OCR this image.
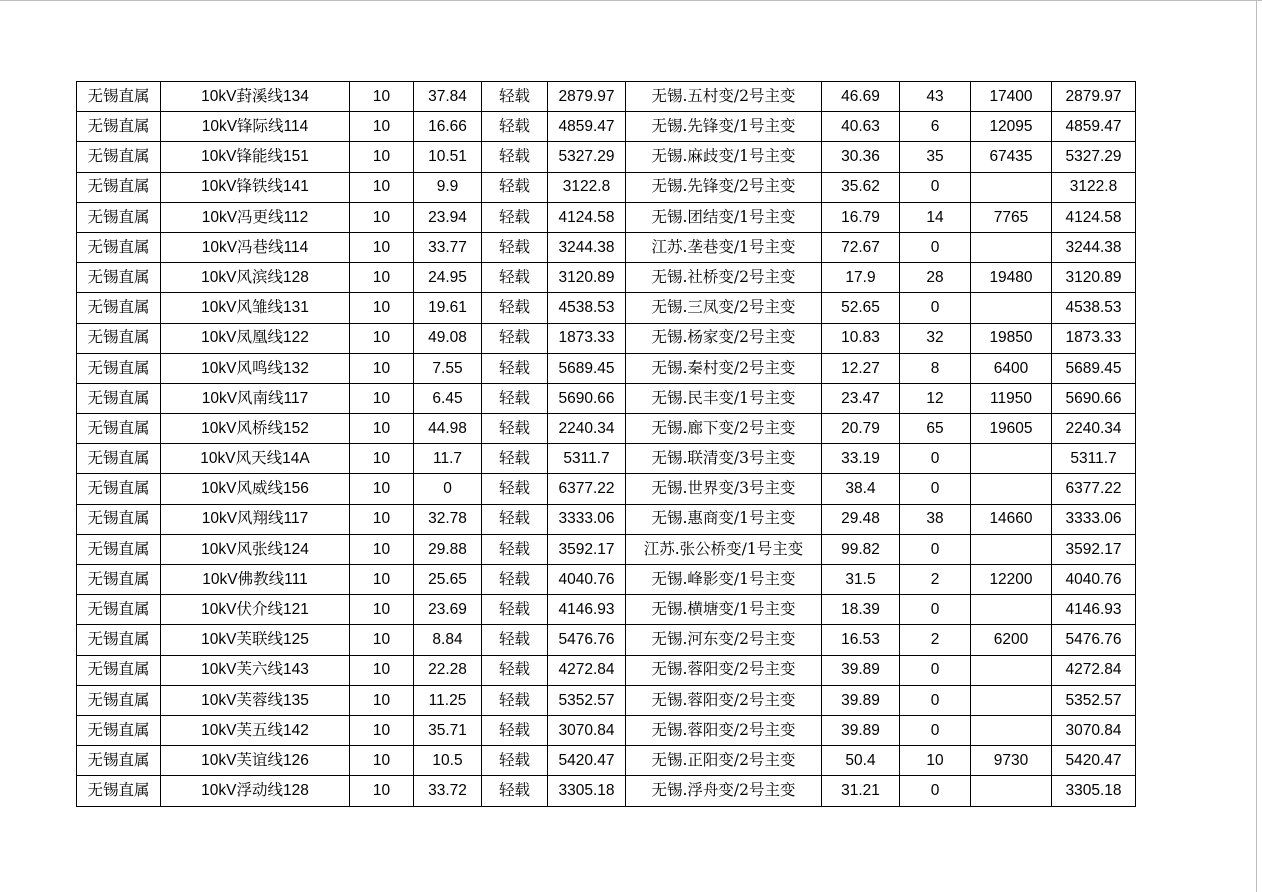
无锡直属	10kV葑溪线134	10	37.84	轻载	2879.97	无锡.五村变/2号主变	46.69	43	17400	2879.97
无锡直属	10kV锋际线114	10	16.66	轻载	4859.47	无锡.先锋变/1号主变	40.63	6	12095	4859.47
无锡直属	10kV锋能线151	10	10.51	轻载	5327.29	无锡.麻歧变/1号主变	30.36	35	67435	5327.29
无锡直属	10kV锋铁线141	10	9.9	轻载	3122.8	无锡.先锋变/2号主变	35.62	0		3122.8
无锡直属	10kV冯更线112	10	23.94	轻载	4124.58	无锡.团结变/1号主变	16.79	14	7765	4124.58
无锡直属	10kV冯巷线114	10	33.77	轻载	3244.38	江苏.垄巷变/1号主变	72.67	0		3244.38
无锡直属	10kV风滨线128	10	24.95	轻载	3120.89	无锡.社桥变/2号主变	17.9	28	19480	3120.89
无锡直属	10kV风雏线131	10	19.61	轻载	4538.53	无锡.三凤变/2号主变	52.65	0		4538.53
无锡直属	10kV凤凰线122	10	49.08	轻载	1873.33	无锡.杨家变/2号主变	10.83	32	19850	1873.33
无锡直属	10kV风鸣线132	10	7.55	轻载	5689.45	无锡.秦村变/2号主变	12.27	8	6400	5689.45
无锡直属	10kV风南线117	10	6.45	轻载	5690.66	无锡.民丰变/1号主变	23.47	12	11950	5690.66
无锡直属	10kV风桥线152	10	44.98	轻载	2240.34	无锡.廊下变/2号主变	20.79	65	19605	2240.34
无锡直属	10kV风天线14A	10	11.7	轻载	5311.7	无锡.联清变/3号主变	33.19	0		5311.7
无锡直属	10kV风威线156	10	0	轻载	6377.22	无锡.世界变/3号主变	38.4	0		6377.22
无锡直属	10kV风翔线117	10	32.78	轻载	3333.06	无锡.惠商变/1号主变	29.48	38	14660	3333.06
无锡直属	10kV风张线124	10	29.88	轻载	3592.17	江苏.张公桥变/1号主变	99.82	0		3592.17
无锡直属	10kV佛教线111	10	25.65	轻载	4040.76	无锡.峰影变/1号主变	31.5	2	12200	4040.76
无锡直属	10kV伏介线121	10	23.69	轻载	4146.93	无锡.横塘变/1号主变	18.39	0		4146.93
无锡直属	10kV芙联线125	10	8.84	轻载	5476.76	无锡.河东变/2号主变	16.53	2	6200	5476.76
无锡直属	10kV芙六线143	10	22.28	轻载	4272.84	无锡.蓉阳变/2号主变	39.89	0		4272.84
无锡直属	10kV芙蓉线135	10	11.25	轻载	5352.57	无锡.蓉阳变/2号主变	39.89	0		5352.57
无锡直属	10kV芙五线142	10	35.71	轻载	3070.84	无锡.蓉阳变/2号主变	39.89	0		3070.84
无锡直属	10kV芙谊线126	10	10.5	轻载	5420.47	无锡.正阳变/2号主变	50.4	10	9730	5420.47
无锡直属	10kV浮动线128	10	33.72	轻载	3305.18	无锡.浮舟变/2号主变	31.21	0		3305.18
